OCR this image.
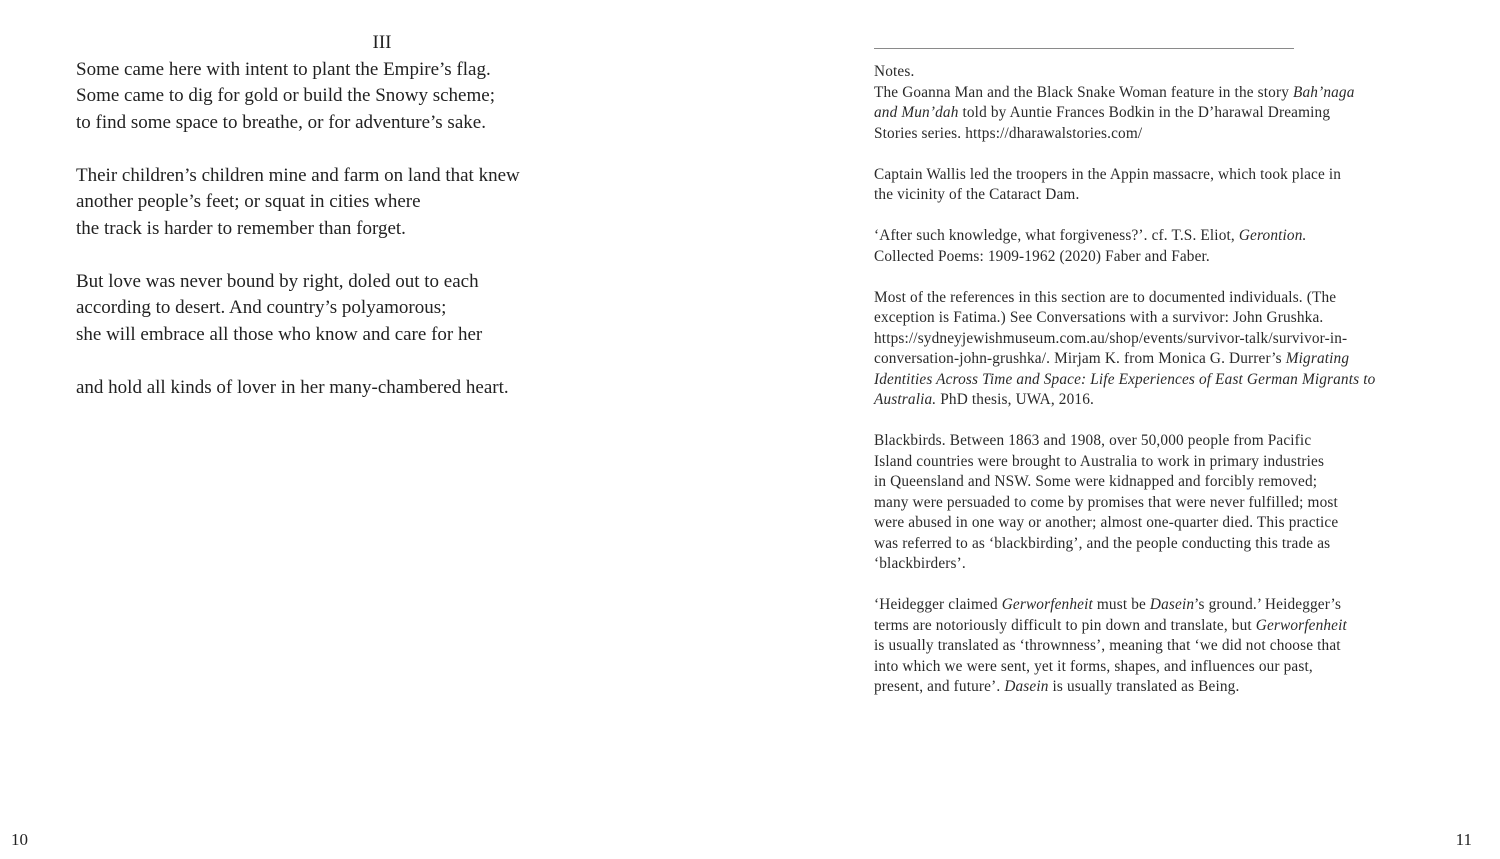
III

Some came here with intent to plant the Empire’s flag.
Some came to dig for gold or build the Snowy scheme;
to find some space to breathe, or for adventure’s sake.

Their children’s children mine and farm on land that knew
another people’s feet; or squat in cities where
the track is harder to remember than forget.

But love was never bound by right, doled out to each
according to desert. And country’s polyamorous;
she will embrace all those who know and care for her

and hold all kinds of lover in her many-chambered heart.

10
Notes.
The Goanna Man and the Black Snake Woman feature in the story Bah’naga
and Mun’dah told by Auntie Frances Bodkin in the D’harawal Dreaming
Stories series. https://dharawalstories.com/
Captain Wallis led the troopers in the Appin massacre, which took place in
the vicinity of the Cataract Dam.
‘After such knowledge, what forgiveness?’. cf. T.S. Eliot, Gerontion.
Collected Poems: 1909-1962 (2020) Faber and Faber.
Most of the references in this section are to documented individuals. (The
exception is Fatima.) See Conversations with a survivor: John Grushka.
https://sydneyjewishmuseum.com.au/shop/events/survivor-talk/survivor-in-
conversation-john-grushka/. Mirjam K. from Monica G. Durrer’s Migrating
Identities Across Time and Space: Life Experiences of East German Migrants to
Australia. PhD thesis, UWA, 2016.
Blackbirds. Between 1863 and 1908, over 50,000 people from Pacific
Island countries were brought to Australia to work in primary industries
in Queensland and NSW. Some were kidnapped and forcibly removed;
many were persuaded to come by promises that were never fulfilled; most
were abused in one way or another; almost one-quarter died. This practice
was referred to as ‘blackbirding’, and the people conducting this trade as
‘blackbirders’.
‘Heidegger claimed Gerworfenheit must be Dasein’s ground.’ Heidegger’s
terms are notoriously difficult to pin down and translate, but Gerworfenheit
is usually translated as ‘thrownness’, meaning that ‘we did not choose that
into which we were sent, yet it forms, shapes, and influences our past,
present, and future’. Dasein is usually translated as Being.
11
